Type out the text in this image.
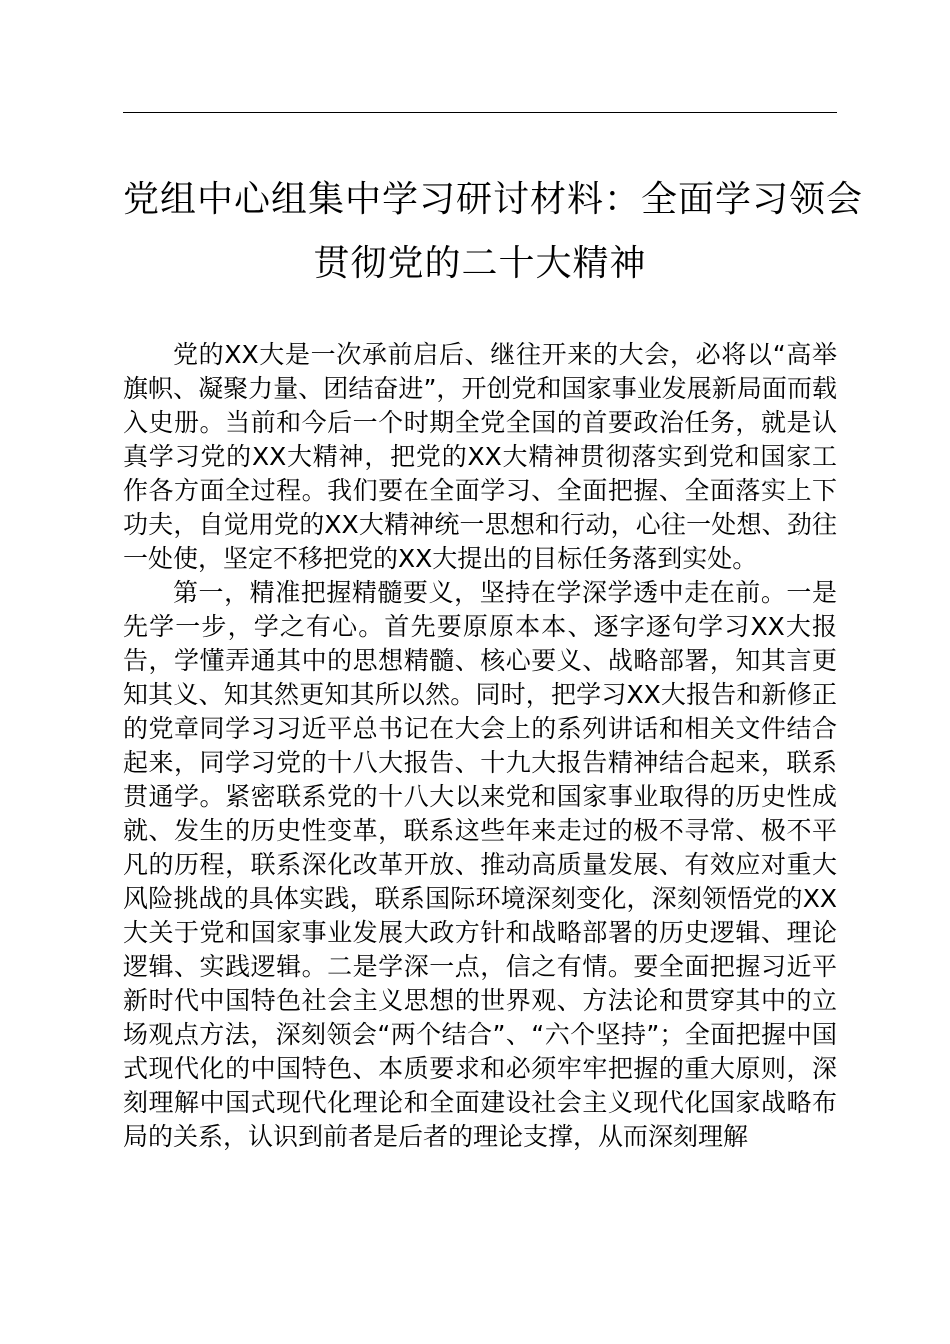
党组中心组集中学习研讨材料：全面学习领会
贯彻党的二十大精神

党的XX大是一次承前启后、继往开来的大会，必将以“高举旗帜、凝聚力量、团结奋进”，开创党和国家事业发展新局面而载入史册。当前和今后一个时期全党全国的首要政治任务，就是认真学习党的XX大精神，把党的XX大精神贯彻落实到党和国家工作各方面全过程。我们要在全面学习、全面把握、全面落实上下功夫，自觉用党的XX大精神统一思想和行动，心往一处想、劲往一处使，坚定不移把党的XX大提出的目标任务落到实处。

第一，精准把握精髓要义，坚持在学深学透中走在前。一是先学一步，学之有心。首先要原原本本、逐字逐句学习XX大报告，学懂弄通其中的思想精髓、核心要义、战略部署，知其言更知其义、知其然更知其所以然。同时，把学习XX大报告和新修正的党章同学习习近平总书记在大会上的系列讲话和相关文件结合起来，同学习党的十八大报告、十九大报告精神结合起来，联系贯通学。紧密联系党的十八大以来党和国家事业取得的历史性成就、发生的历史性变革，联系这些年来走过的极不寻常、极不平凡的历程，联系深化改革开放、推动高质量发展、有效应对重大风险挑战的具体实践，联系国际环境深刻变化，深刻领悟党的XX大关于党和国家事业发展大政方针和战略部署的历史逻辑、理论逻辑、实践逻辑。二是学深一点，信之有情。要全面把握习近平新时代中国特色社会主义思想的世界观、方法论和贯穿其中的立场观点方法，深刻领会“两个结合”、“六个坚持”；全面把握中国式现代化的中国特色、本质要求和必须牢牢把握的重大原则，深刻理解中国式现代化理论和全面建设社会主义现代化国家战略布局的关系，认识到前者是后者的理论支撑，从而深刻理解
